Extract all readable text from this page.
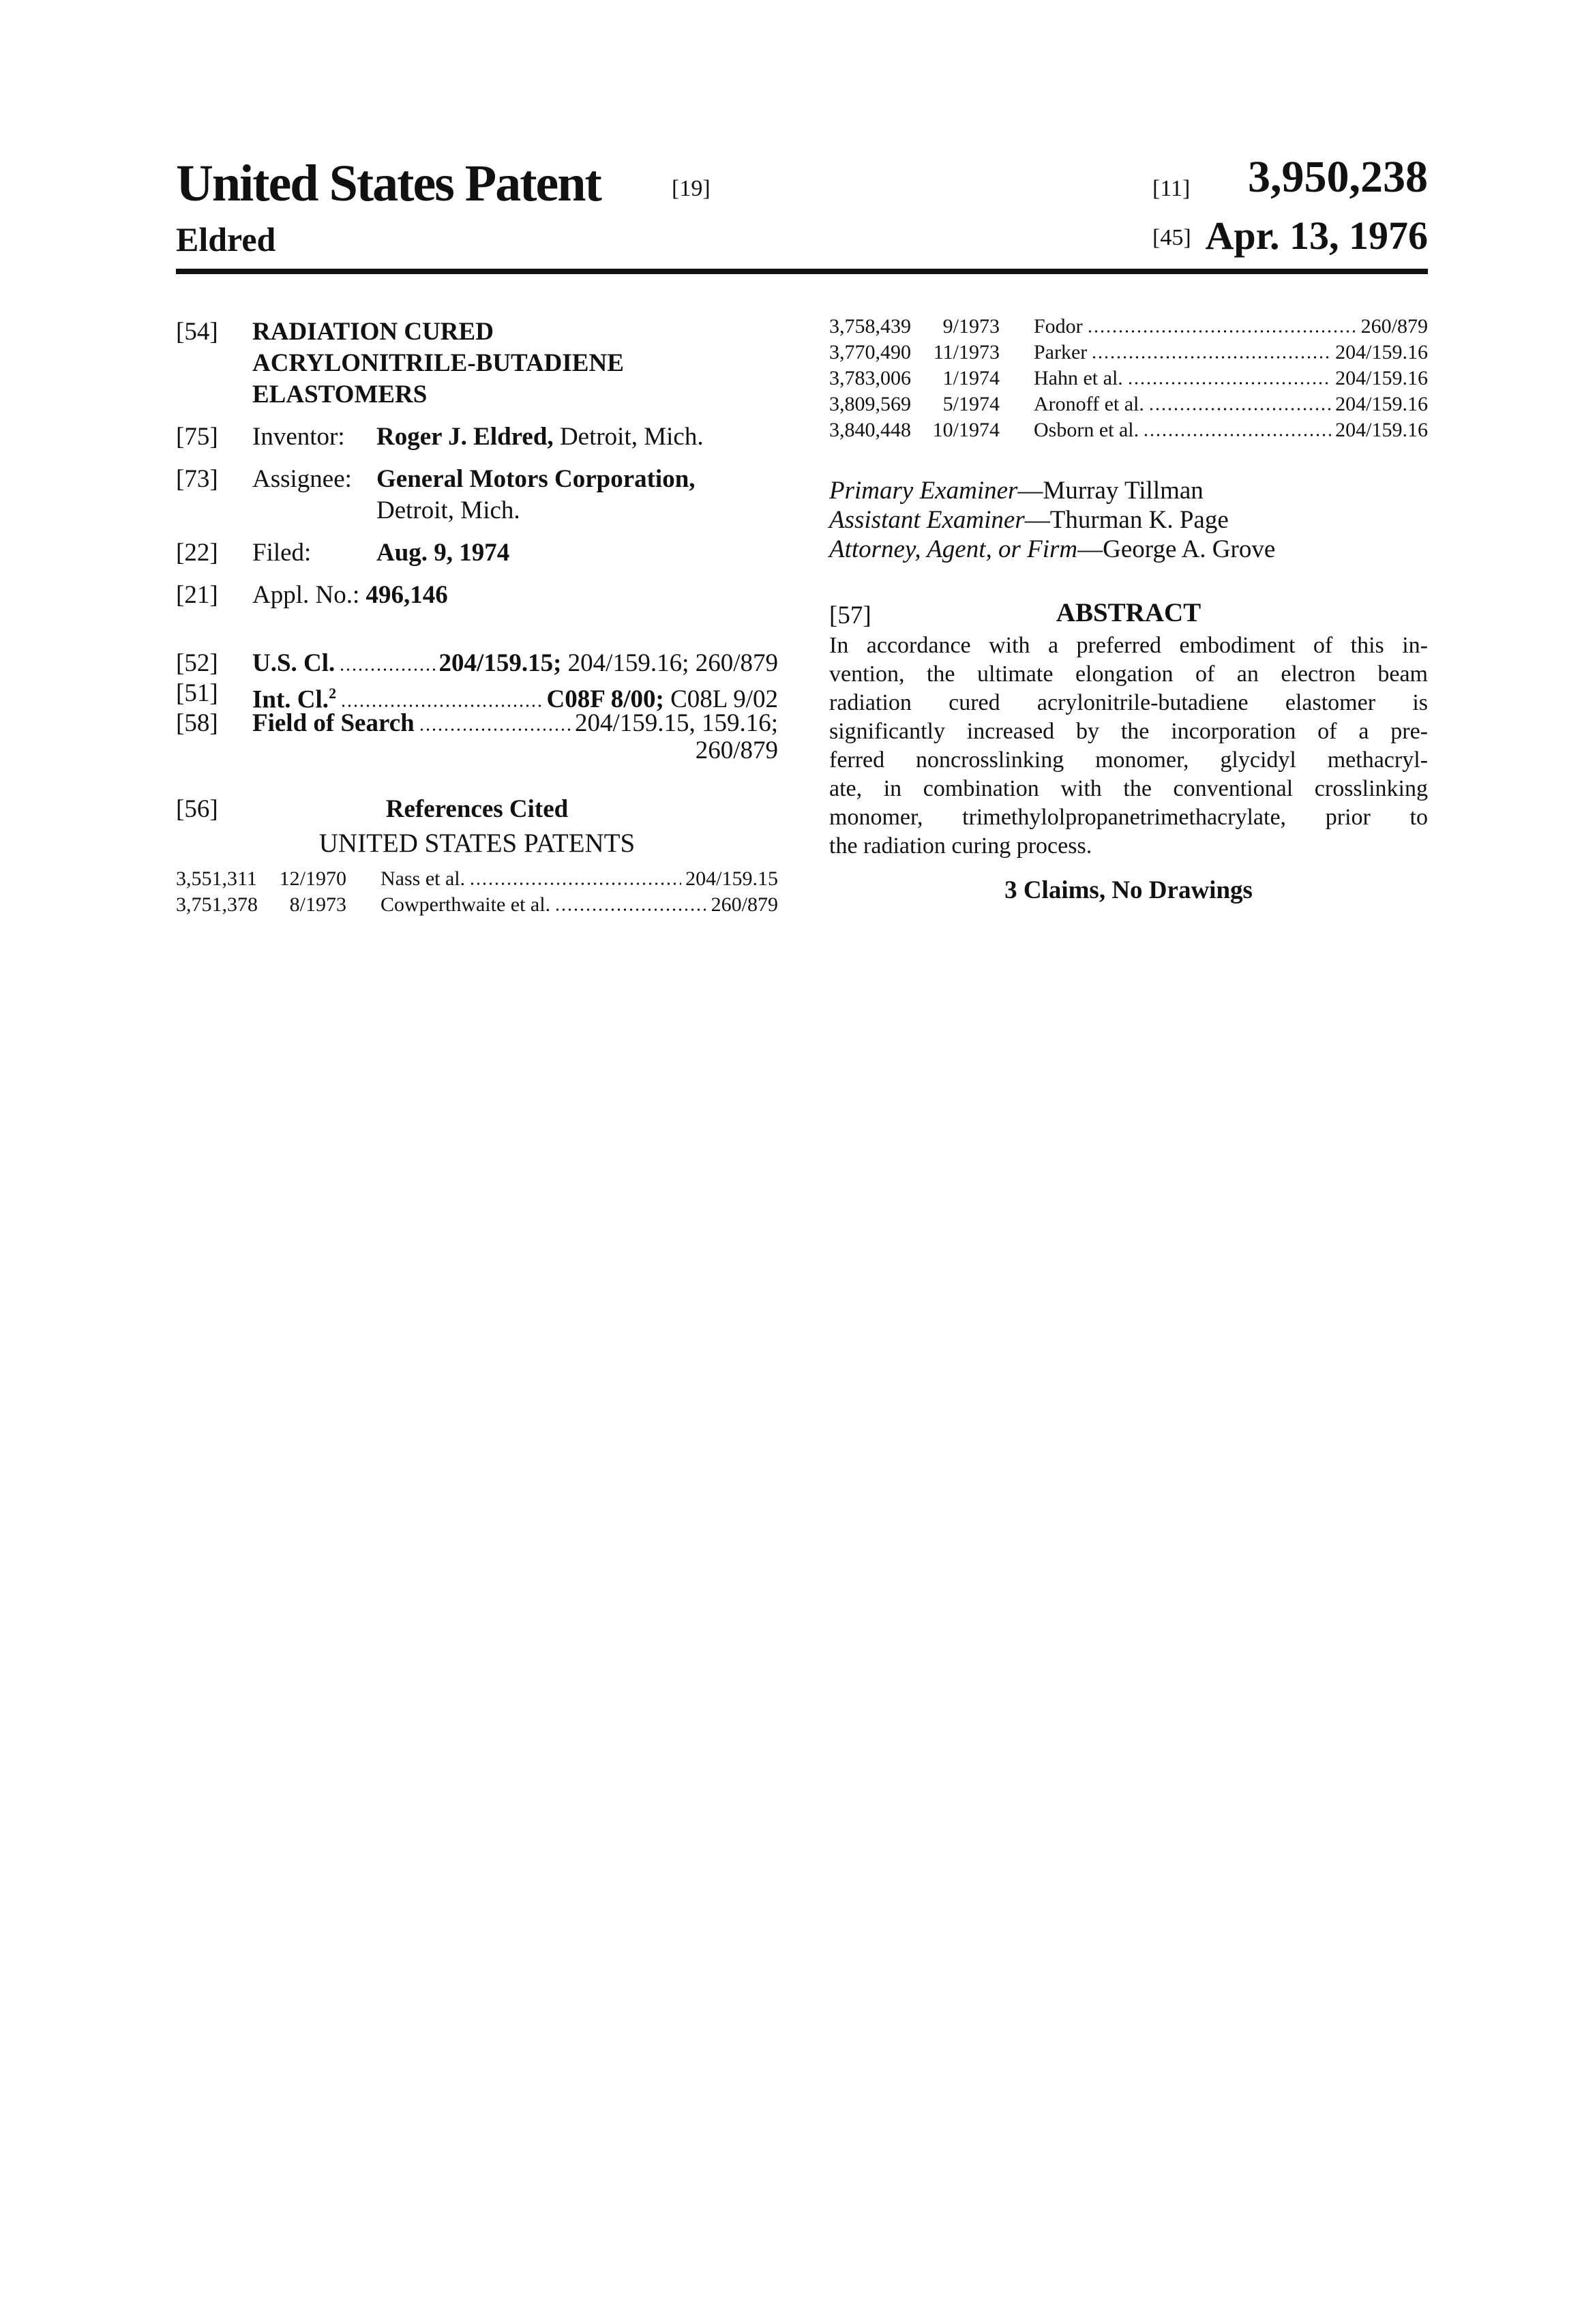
United States Patent	[19]	[11] 3,950,238
Eldred	[45] Apr. 13, 1976
[54] RADIATION CURED
ACRYLONITRILE-BUTADIENE
ELASTOMERS
[75] Inventor: Roger J. Eldred, Detroit, Mich.
[73] Assignee: General Motors Corporation,
Detroit, Mich.
[22] Filed:	Aug. 9, 1974
[21] Appl. No.: 496,146
[52] U.S. Cl.	204/159.15;
204/159.16; 260/879
[51] Int. Cl.2	C08F 8/00;
C08L 9/02
[58] Field of Search	204/159.15, 159.16;
260/879
[56]	References Cited
UNITED STATES PATENTS
3,551,311	12/1970 Nass et al.	204/159.15
3,751,378	8/1973 Cowperthwaite et al.	260/879
3,758,439	9/1973 Fodor	260/879
3,770,490	11/1973 Parker	204/159.16
3,783,006	1/1974 Hahn et al.	204/159.16
3,809,569	5/1974 Aronoff et al.	204/159.16
3,840,448	10/1974 Osborn et al.	204/159.16
Primary Examiner—Murray Tillman
Assistant Examiner—Thurman K. Page
Attorney, Agent, or Firm—George A. Grove
[57]	ABSTRACT
In accordance with a preferred embodiment of this in-
vention, the ultimate elongation of an electron beam
radiation cured acrylonitrile-butadiene elastomer is
significantly increased by the incorporation of a pre-
ferred noncrosslinking monomer, glycidyl methacryl-
ate, in combination with the conventional crosslinking
monomer, trimethylolpropanetrimethacrylate, prior to
the radiation curing process.
3 Claims, No Drawings
